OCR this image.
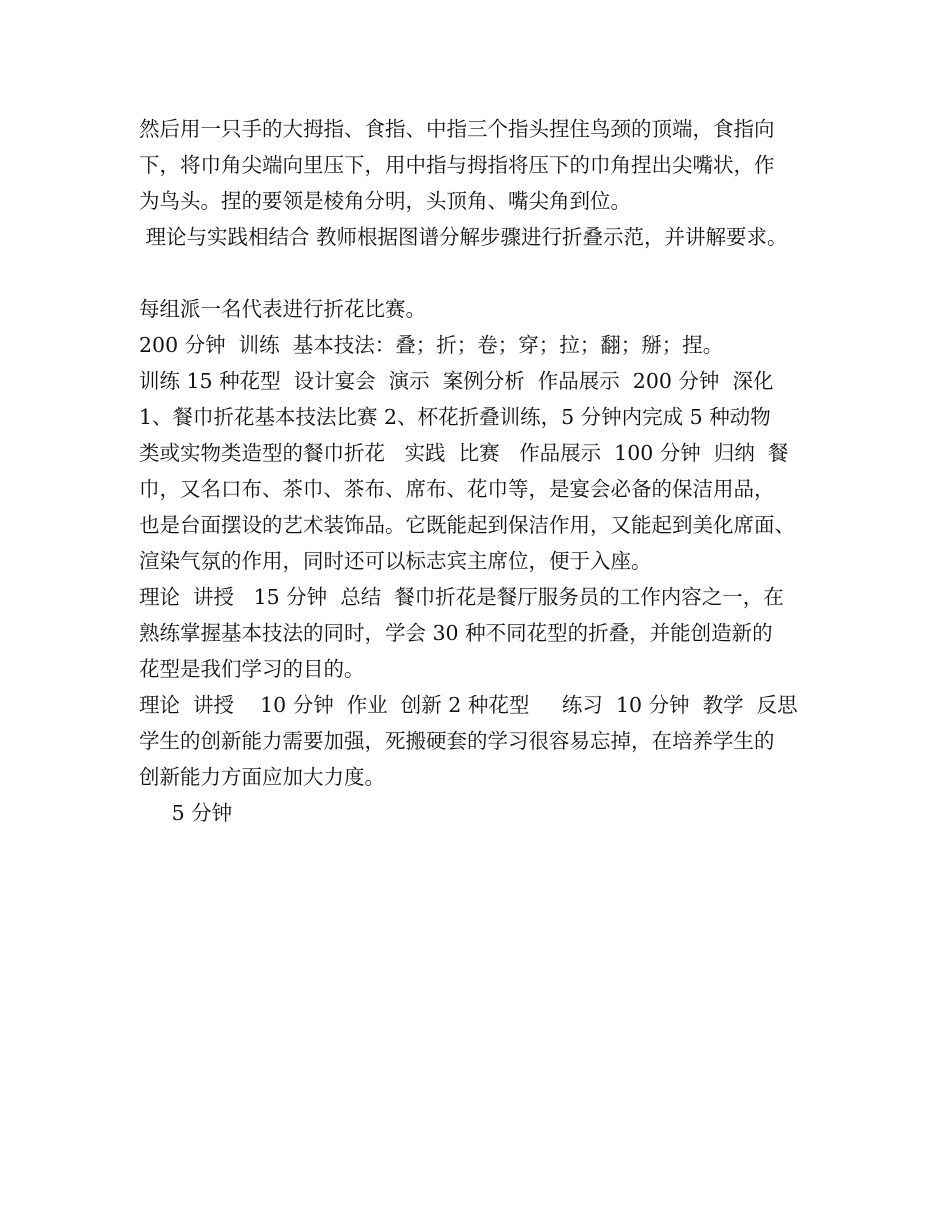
然后用一只手的大拇指、食指、中指三个指头捏住鸟颈的顶端，食指向
下，将巾角尖端向里压下，用中指与拇指将压下的巾角捏出尖嘴状，作
为鸟头。捏的要领是棱角分明，头顶角、嘴尖角到位。
理论与实践相结合 教师根据图谱分解步骤进行折叠示范，并讲解要求。
每组派一名代表进行折花比赛。
200 分钟  训练  基本技法：叠；折；卷；穿；拉；翻；掰；捏。
训练 15 种花型  设计宴会  演示  案例分析  作品展示  200 分钟  深化
1、餐巾折花基本技法比赛 2、杯花折叠训练，5 分钟内完成 5 种动物
类或实物类造型的餐巾折花   实践  比赛   作品展示  100 分钟  归纳  餐
巾，又名口布、茶巾、茶布、席布、花巾等，是宴会必备的保洁用品，
也是台面摆设的艺术装饰品。它既能起到保洁作用，又能起到美化席面、
渲染气氛的作用，同时还可以标志宾主席位，便于入座。
理论  讲授   15 分钟  总结  餐巾折花是餐厅服务员的工作内容之一，在
熟练掌握基本技法的同时，学会 30 种不同花型的折叠，并能创造新的
花型是我们学习的目的。
理论  讲授    10 分钟  作业  创新 2 种花型     练习  10 分钟  教学  反思
学生的创新能力需要加强，死搬硬套的学习很容易忘掉，在培养学生的
创新能力方面应加大力度。
5 分钟
